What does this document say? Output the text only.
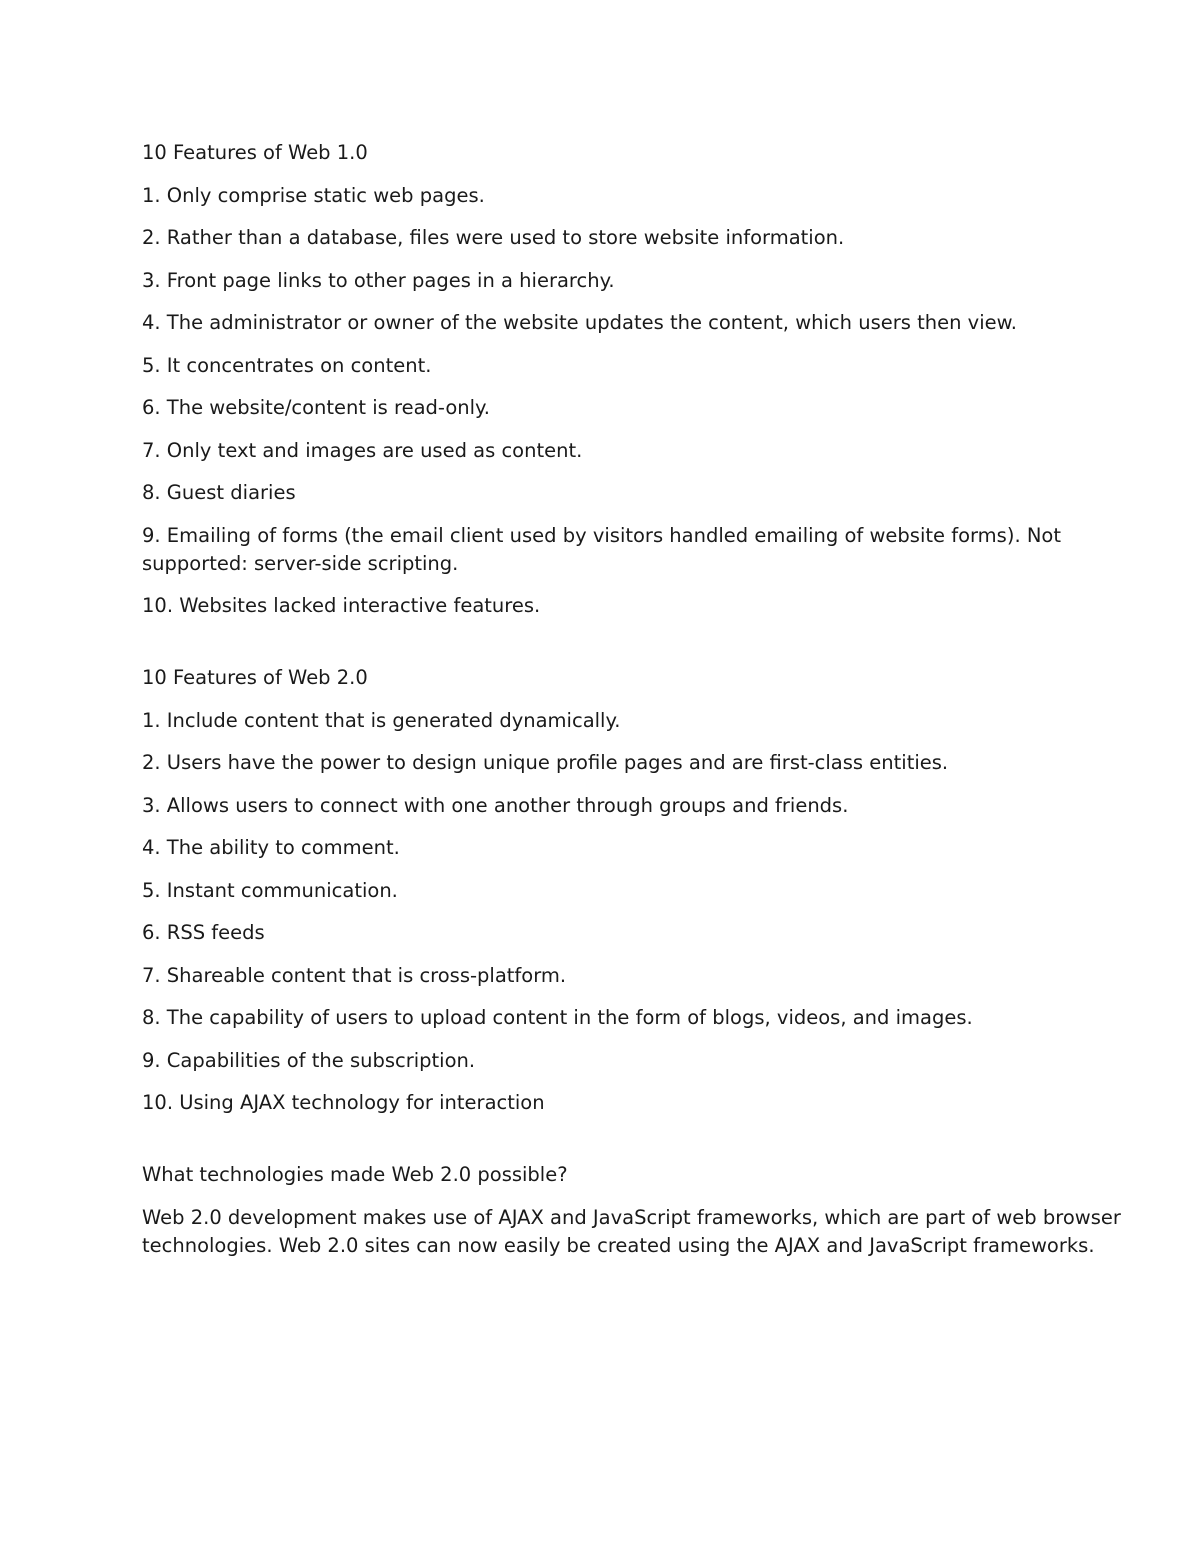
10 Features of Web 1.0

1. Only comprise static web pages.

2. Rather than a database, files were used to store website information.

3. Front page links to other pages in a hierarchy.

4. The administrator or owner of the website updates the content, which users then view.

5. It concentrates on content.

6. The website/content is read-only.

7. Only text and images are used as content.

8. Guest diaries

9. Emailing of forms (the email client used by visitors handled emailing of website forms). Not supported: server-side scripting.

10. Websites lacked interactive features.

10 Features of Web 2.0

1. Include content that is generated dynamically.

2. Users have the power to design unique profile pages and are first-class entities.

3. Allows users to connect with one another through groups and friends.

4. The ability to comment.

5. Instant communication.

6. RSS feeds

7. Shareable content that is cross-platform.

8. The capability of users to upload content in the form of blogs, videos, and images.

9. Capabilities of the subscription.

10. Using AJAX technology for interaction

What technologies made Web 2.0 possible?

Web 2.0 development makes use of AJAX and JavaScript frameworks, which are part of web browser technologies. Web 2.0 sites can now easily be created using the AJAX and JavaScript frameworks.
